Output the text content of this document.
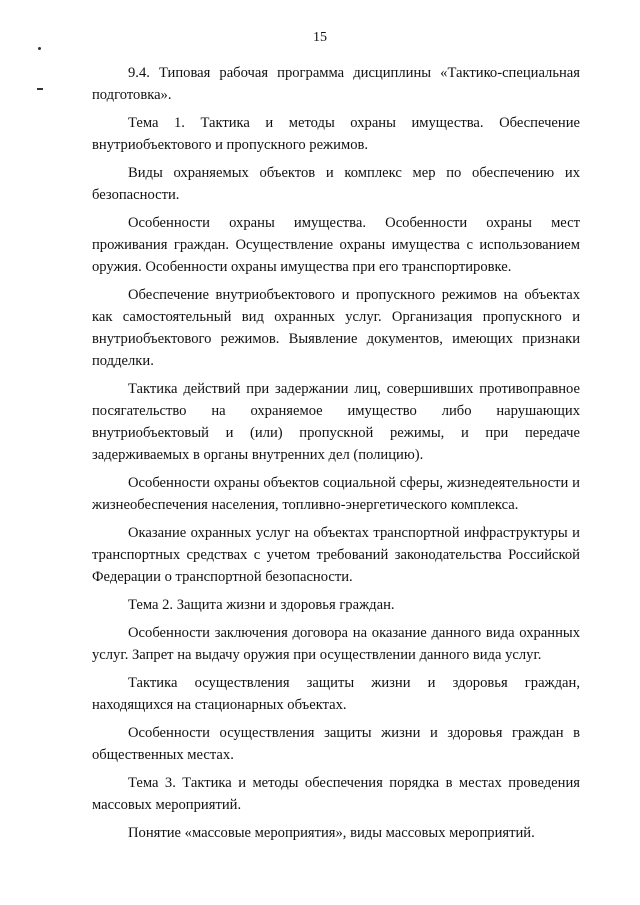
15

9.4. Типовая рабочая программа дисциплины «Тактико-специальная подготовка».

Тема 1. Тактика и методы охраны имущества. Обеспечение внутриобъектового и пропускного режимов.

Виды охраняемых объектов и комплекс мер по обеспечению их безопасности.

Особенности охраны имущества. Особенности охраны мест проживания граждан. Осуществление охраны имущества с использованием оружия. Особенности охраны имущества при его транспортировке.

Обеспечение внутриобъектового и пропускного режимов на объектах как самостоятельный вид охранных услуг. Организация пропускного и внутриобъектового режимов. Выявление документов, имеющих признаки подделки.

Тактика действий при задержании лиц, совершивших противоправное посягательство на охраняемое имущество либо нарушающих внутриобъектовый и (или) пропускной режимы, и при передаче задерживаемых в органы внутренних дел (полицию).

Особенности охраны объектов социальной сферы, жизнедеятельности и жизнеобеспечения населения, топливно-энергетического комплекса.

Оказание охранных услуг на объектах транспортной инфраструктуры и транспортных средствах с учетом требований законодательства Российской Федерации о транспортной безопасности.

Тема 2. Защита жизни и здоровья граждан.

Особенности заключения договора на оказание данного вида охранных услуг. Запрет на выдачу оружия при осуществлении данного вида услуг.

Тактика осуществления защиты жизни и здоровья граждан, находящихся на стационарных объектах.

Особенности осуществления защиты жизни и здоровья граждан в общественных местах.

Тема 3. Тактика и методы обеспечения порядка в местах проведения массовых мероприятий.

Понятие «массовые мероприятия», виды массовых мероприятий.
